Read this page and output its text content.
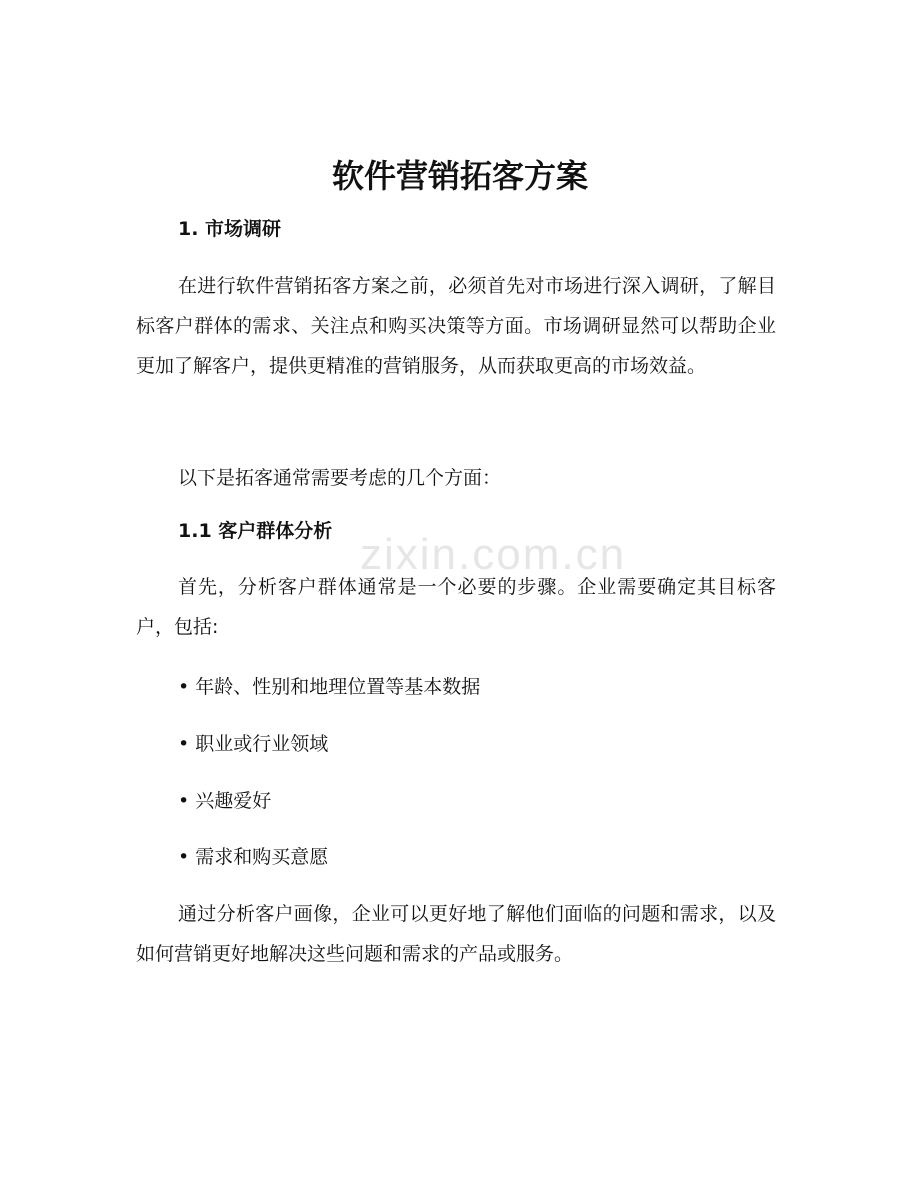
zixin.com.cn
软件营销拓客方案
1. 市场调研
在进行软件营销拓客方案之前，必须首先对市场进行深入调研，了解目标客户群体的需求、关注点和购买决策等方面。市场调研显然可以帮助企业更加了解客户，提供更精准的营销服务，从而获取更高的市场效益。
以下是拓客通常需要考虑的几个方面：
1.1 客户群体分析
首先，分析客户群体通常是一个必要的步骤。企业需要确定其目标客户，包括:
• 年龄、性别和地理位置等基本数据
• 职业或行业领域
• 兴趣爱好
• 需求和购买意愿
通过分析客户画像，企业可以更好地了解他们面临的问题和需求，以及如何营销更好地解决这些问题和需求的产品或服务。
